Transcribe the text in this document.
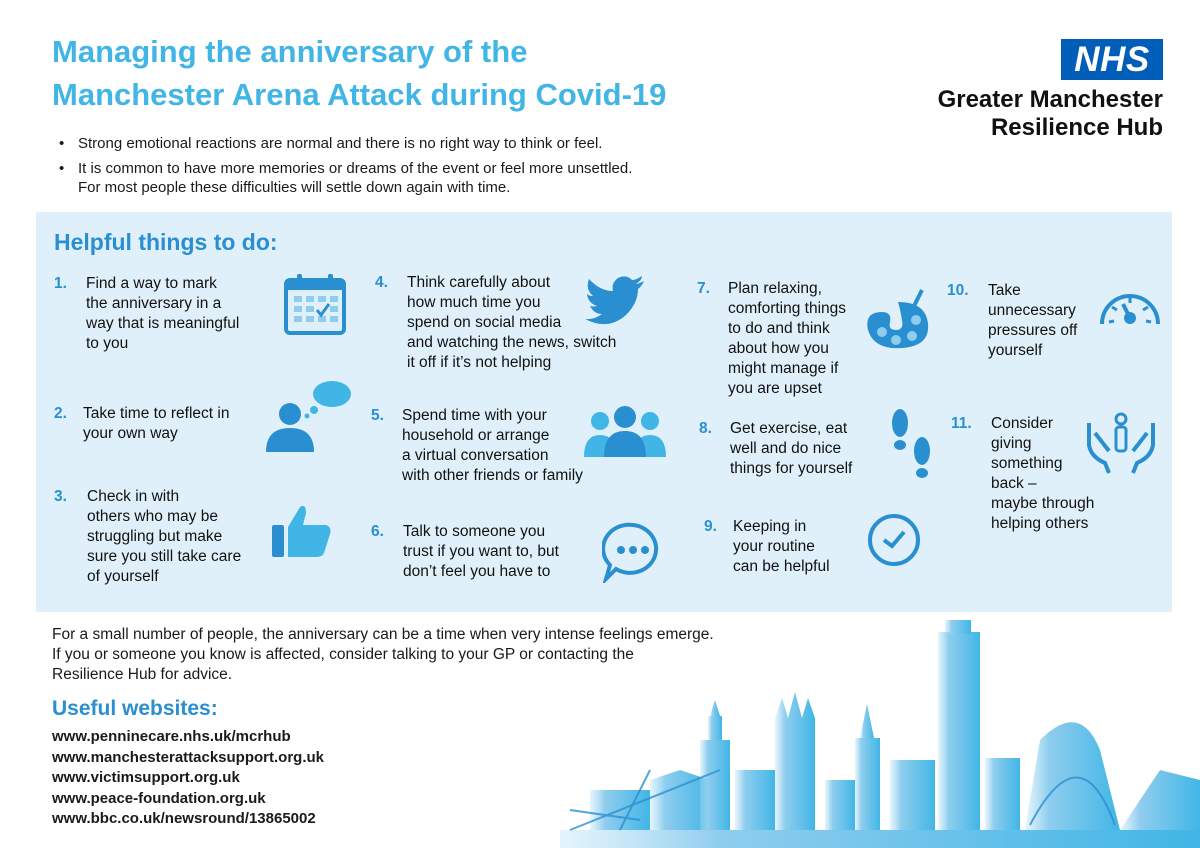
Managing the anniversary of the
Manchester Arena Attack during Covid-19
NHS
Greater Manchester
Resilience Hub
• Strong emotional reactions are normal and there is no right way to think or feel.
• It is common to have more memories or dreams of the event or feel more unsettled.
For most people these difficulties will settle down again with time.
Helpful things to do:
1. Find a way to mark
the anniversary in a
way that is meaningful
to you
2. Take time to reflect in
your own way
3. Check in with
others who may be
struggling but make
sure you still take care
of yourself
4. Think carefully about
how much time you
spend on social media
and watching the news, switch
it off if it’s not helping
5. Spend time with your
household or arrange
a virtual conversation
with other friends or family
6. Talk to someone you
trust if you want to, but
don’t feel you have to
7. Plan relaxing,
comforting things
to do and think
about how you
might manage if
you are upset
8. Get exercise, eat
well and do nice
things for yourself
9. Keeping in
your routine
can be helpful
10. Take
unnecessary
pressures off
yourself
11. Consider
giving
something
back –
maybe through
helping others
For a small number of people, the anniversary can be a time when very intense feelings emerge.
If you or someone you know is affected, consider talking to your GP or contacting the
Resilience Hub for advice.
Useful websites:
www.penninecare.nhs.uk/mcrhub
www.manchesterattacksupport.org.uk
www.victimsupport.org.uk
www.peace-foundation.org.uk
www.bbc.co.uk/newsround/13865002
